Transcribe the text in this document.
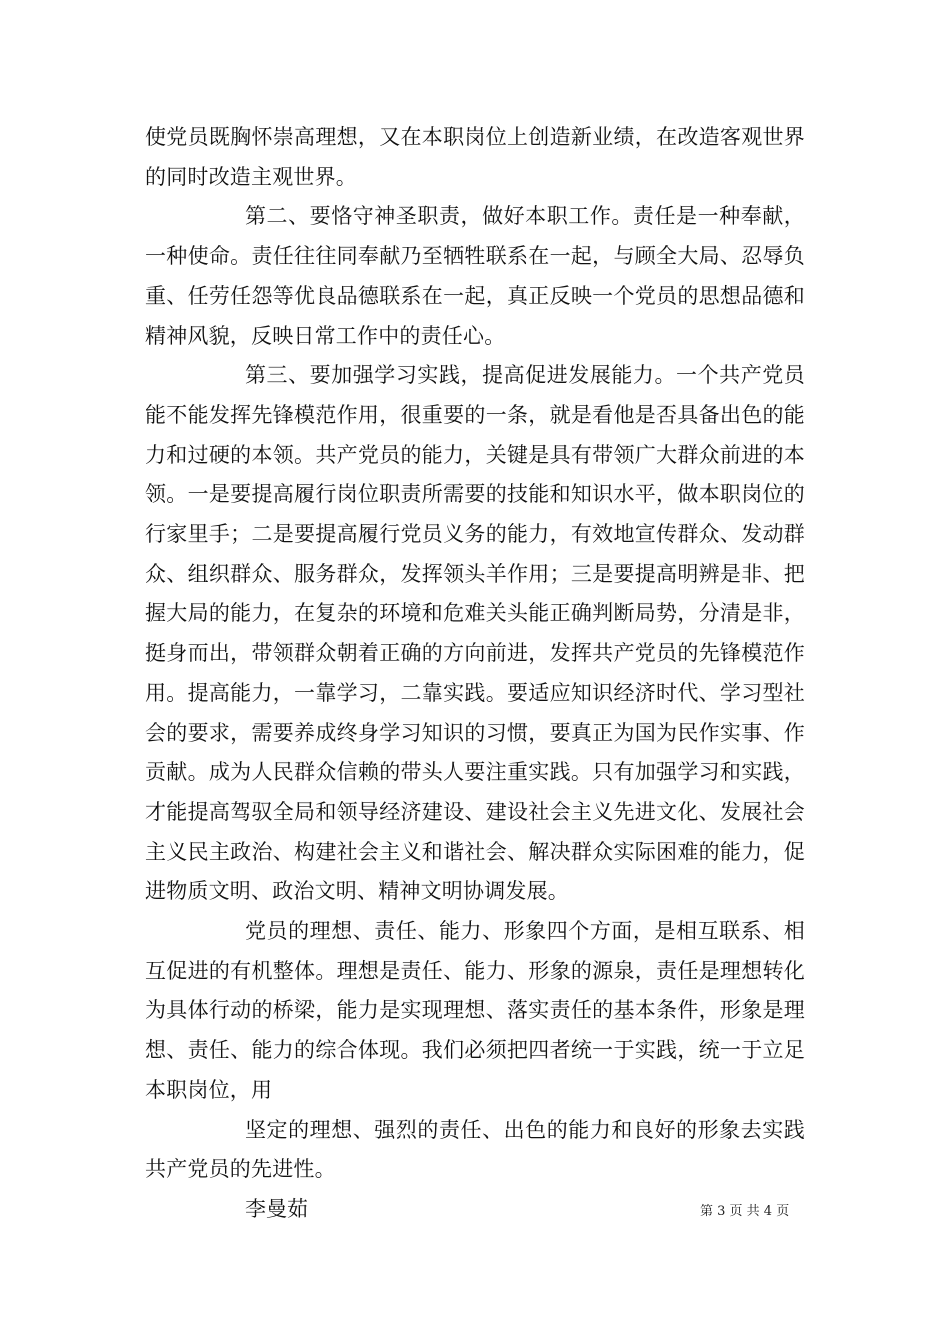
使党员既胸怀崇高理想，又在本职岗位上创造新业绩，在改造客观世界的同时改造主观世界。

第二、要恪守神圣职责，做好本职工作。责任是一种奉献，一种使命。责任往往同奉献乃至牺牲联系在一起，与顾全大局、忍辱负重、任劳任怨等优良品德联系在一起，真正反映一个党员的思想品德和精神风貌，反映日常工作中的责任心。

第三、要加强学习实践，提高促进发展能力。一个共产党员能不能发挥先锋模范作用，很重要的一条，就是看他是否具备出色的能力和过硬的本领。共产党员的能力，关键是具有带领广大群众前进的本领。一是要提高履行岗位职责所需要的技能和知识水平，做本职岗位的行家里手；二是要提高履行党员义务的能力，有效地宣传群众、发动群众、组织群众、服务群众，发挥领头羊作用；三是要提高明辨是非、把握大局的能力，在复杂的环境和危难关头能正确判断局势，分清是非，挺身而出，带领群众朝着正确的方向前进，发挥共产党员的先锋模范作用。提高能力，一靠学习，二靠实践。要适应知识经济时代、学习型社会的要求，需要养成终身学习知识的习惯，要真正为国为民作实事、作贡献。成为人民群众信赖的带头人要注重实践。只有加强学习和实践，才能提高驾驭全局和领导经济建设、建设社会主义先进文化、发展社会主义民主政治、构建社会主义和谐社会、解决群众实际困难的能力，促进物质文明、政治文明、精神文明协调发展。

党员的理想、责任、能力、形象四个方面，是相互联系、相互促进的有机整体。理想是责任、能力、形象的源泉，责任是理想转化为具体行动的桥梁，能力是实现理想、落实责任的基本条件，形象是理想、责任、能力的综合体现。我们必须把四者统一于实践，统一于立足本职岗位，用

坚定的理想、强烈的责任、出色的能力和良好的形象去实践共产党员的先进性。

李曼茹	第 3 页 共 4 页
